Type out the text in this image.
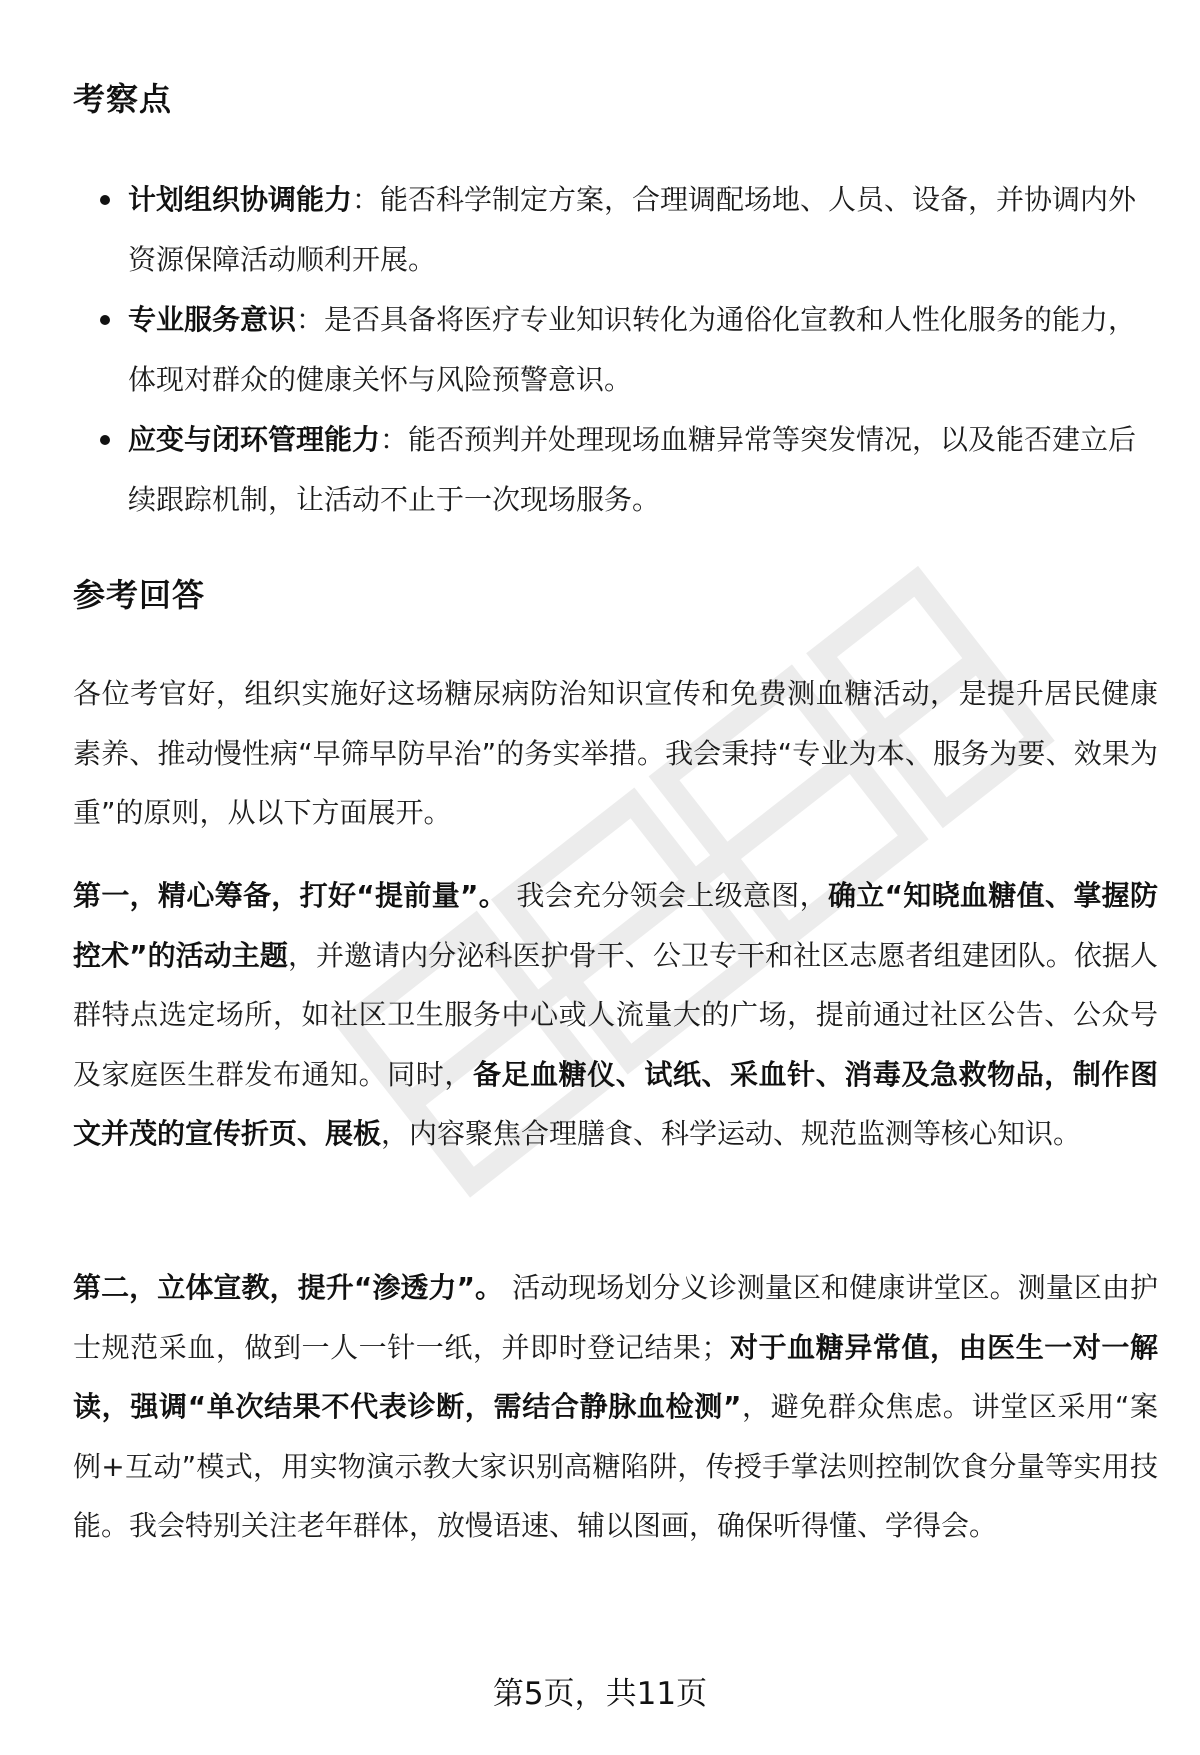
考察点
计划组织协调能力：能否科学制定方案，合理调配场地、人员、设备，并协调内外资源保障活动顺利开展。
专业服务意识：是否具备将医疗专业知识转化为通俗化宣教和人性化服务的能力，体现对群众的健康关怀与风险预警意识。
应变与闭环管理能力：能否预判并处理现场血糖异常等突发情况，以及能否建立后续跟踪机制，让活动不止于一次现场服务。
参考回答

各位考官好，组织实施好这场糖尿病防治知识宣传和免费测血糖活动，是提升居民健康素养、推动慢性病“早筛早防早治”的务实举措。我会秉持“专业为本、服务为要、效果为重”的原则，从以下方面展开。

第一，精心筹备，打好“提前量”。 我会充分领会上级意图，确立“知晓血糖值、掌握防控术”的活动主题，并邀请内分泌科医护骨干、公卫专干和社区志愿者组建团队。依据人群特点选定场所，如社区卫生服务中心或人流量大的广场，提前通过社区公告、公众号及家庭医生群发布通知。同时，备足血糖仪、试纸、采血针、消毒及急救物品，制作图文并茂的宣传折页、展板，内容聚焦合理膳食、科学运动、规范监测等核心知识。

第二，立体宣教，提升“渗透力”。 活动现场划分义诊测量区和健康讲堂区。测量区由护士规范采血，做到一人一针一纸，并即时登记结果；对于血糖异常值，由医生一对一解读，强调“单次结果不代表诊断，需结合静脉血检测”，避免群众焦虑。讲堂区采用“案例+互动”模式，用实物演示教大家识别高糖陷阱，传授手掌法则控制饮食分量等实用技能。我会特别关注老年群体，放慢语速、辅以图画，确保听得懂、学得会。

第5页，共11页
